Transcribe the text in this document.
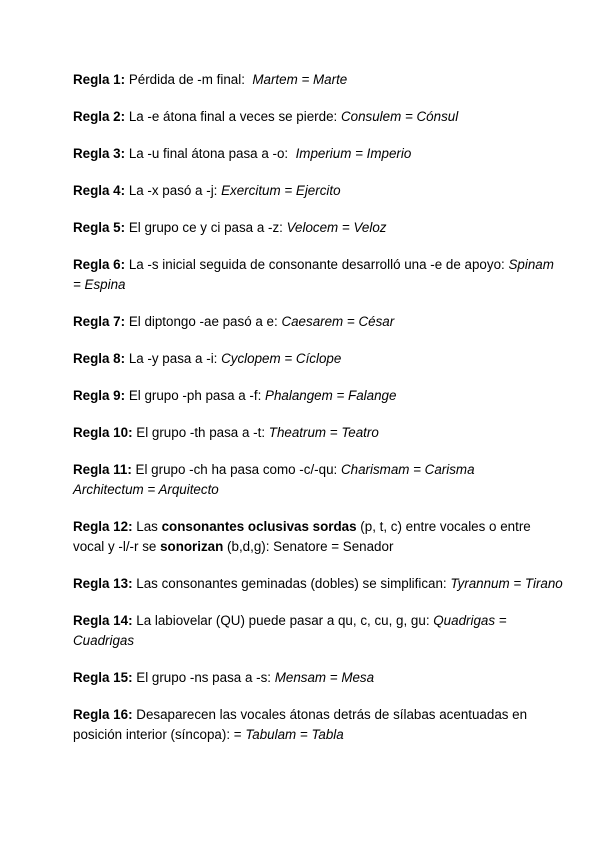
Regla 1: Pérdida de -m final:  Martem = Marte

Regla 2: La -e átona final a veces se pierde: Consulem = Cónsul

Regla 3: La -u final átona pasa a -o:  Imperium = Imperio

Regla 4: La -x pasó a -j: Exercitum = Ejercito

Regla 5: El grupo ce y ci pasa a -z: Velocem = Veloz

Regla 6: La -s inicial seguida de consonante desarrolló una -e de apoyo: Spinam = Espina

Regla 7: El diptongo -ae pasó a e: Caesarem = César

Regla 8: La -y pasa a -i: Cyclopem = Cíclope

Regla 9: El grupo -ph pasa a -f: Phalangem = Falange

Regla 10: El grupo -th pasa a -t: Theatrum = Teatro

Regla 11: El grupo -ch ha pasa como -c/-qu: Charismam = Carisma
Architectum = Arquitecto

Regla 12: Las consonantes oclusivas sordas (p, t, c) entre vocales o entre vocal y -l/-r se sonorizan (b,d,g): Senatore = Senador

Regla 13: Las consonantes geminadas (dobles) se simplifican: Tyrannum = Tirano

Regla 14: La labiovelar (QU) puede pasar a qu, c, cu, g, gu: Quadrigas = Cuadrigas

Regla 15: El grupo -ns pasa a -s: Mensam = Mesa

Regla 16: Desaparecen las vocales átonas detrás de sílabas acentuadas en posición interior (síncopa): = Tabulam = Tabla
